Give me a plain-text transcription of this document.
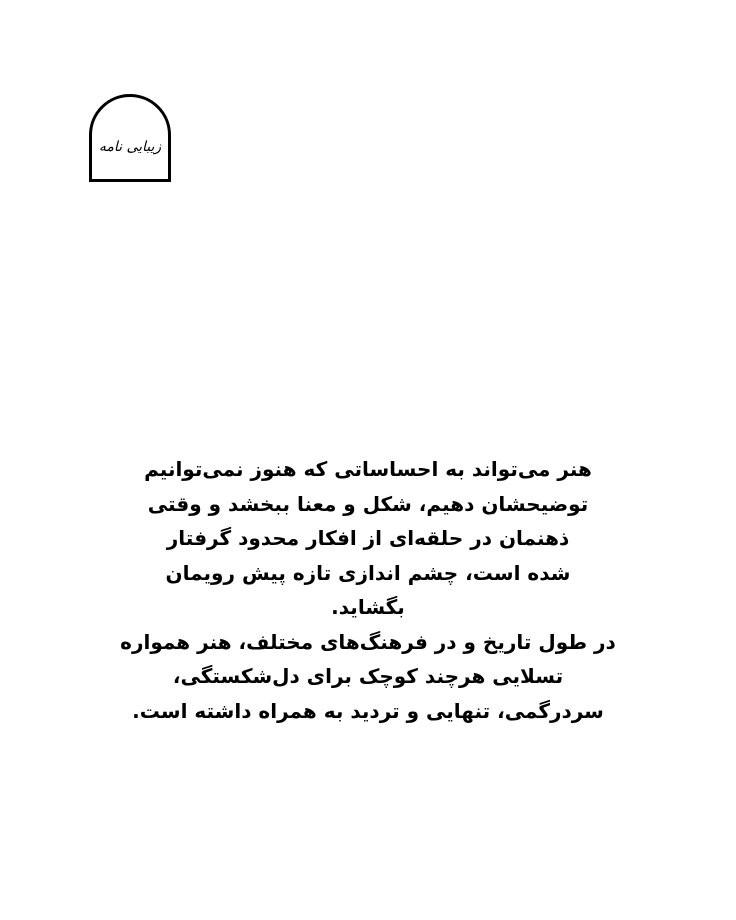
زیبایی نامه
هنر می‌تواند به احساساتی که هنوز نمی‌توانیم
توضیحشان دهیم، شکل و معنا ببخشد و وقتی
ذهنمان در حلقه‌ای از افکار محدود گرفتار
شده است، چشم اندازی تازه پیش رویمان
بگشاید.
در طول تاریخ و در فرهنگ‌های مختلف، هنر همواره
تسلایی هرچند کوچک برای دل‌شکستگی،
سردرگمی، تنهایی و تردید به همراه داشته است.
